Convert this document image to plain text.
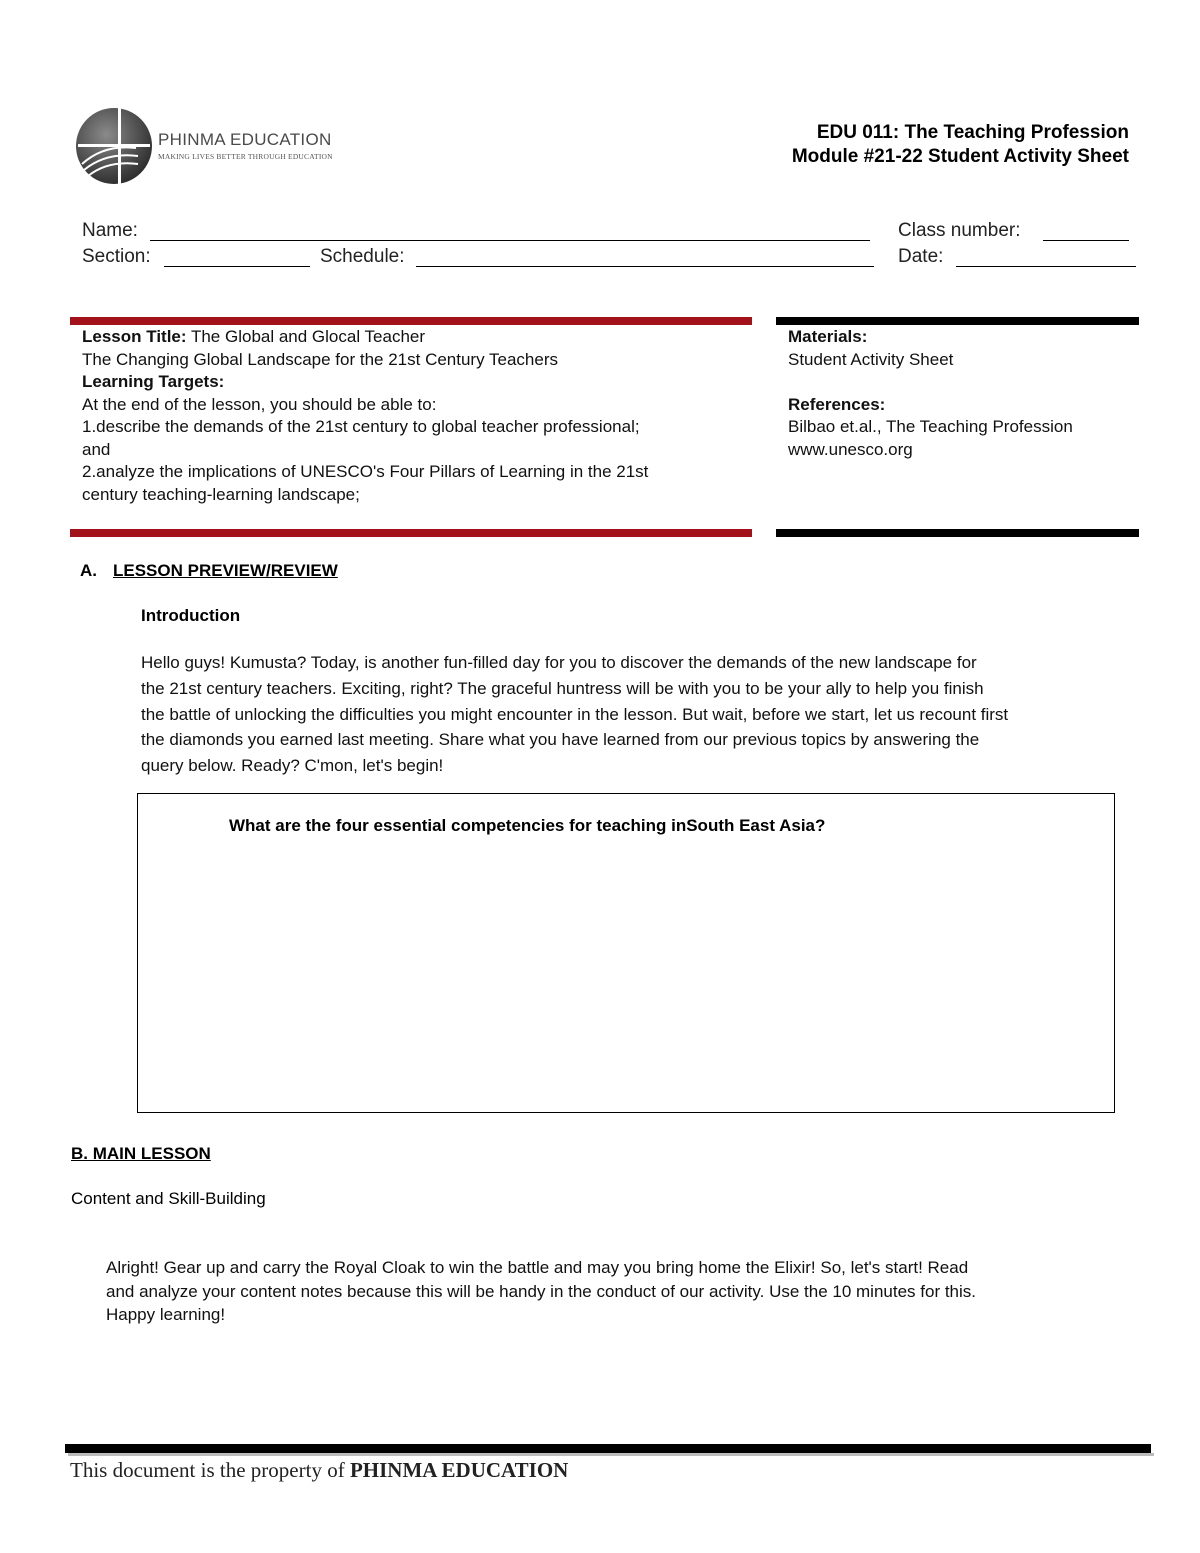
PHINMA EDUCATION
MAKING LIVES BETTER THROUGH EDUCATION
EDU 011: The Teaching Profession
Module #21-22 Student Activity Sheet
Name:	Class number:
Section:	Schedule:	Date:
Lesson Title: The Global and Glocal Teacher
The Changing Global Landscape for the 21st Century Teachers
Learning Targets:
At the end of the lesson, you should be able to:
1.describe the demands of the 21st century to global teacher professional;
and
2.analyze the implications of UNESCO's Four Pillars of Learning in the 21st
century teaching-learning landscape;
Materials:
Student Activity Sheet
References:
Bilbao et.al., The Teaching Profession
www.unesco.org
A. LESSON PREVIEW/REVIEW
Introduction
Hello guys! Kumusta? Today, is another fun-filled day for you to discover the demands of the new landscape for
the 21st century teachers. Exciting, right? The graceful huntress will be with you to be your ally to help you finish
the battle of unlocking the difficulties you might encounter in the lesson. But wait, before we start, let us recount first
the diamonds you earned last meeting. Share what you have learned from our previous topics by answering the
query below. Ready? C'mon, let's begin!
What are the four essential competencies for teaching inSouth East Asia?
B. MAIN LESSON
Content and Skill-Building
Alright! Gear up and carry the Royal Cloak to win the battle and may you bring home the Elixir! So, let's start! Read
and analyze your content notes because this will be handy in the conduct of our activity. Use the 10 minutes for this.
Happy learning!
This document is the property of PHINMA EDUCATION
